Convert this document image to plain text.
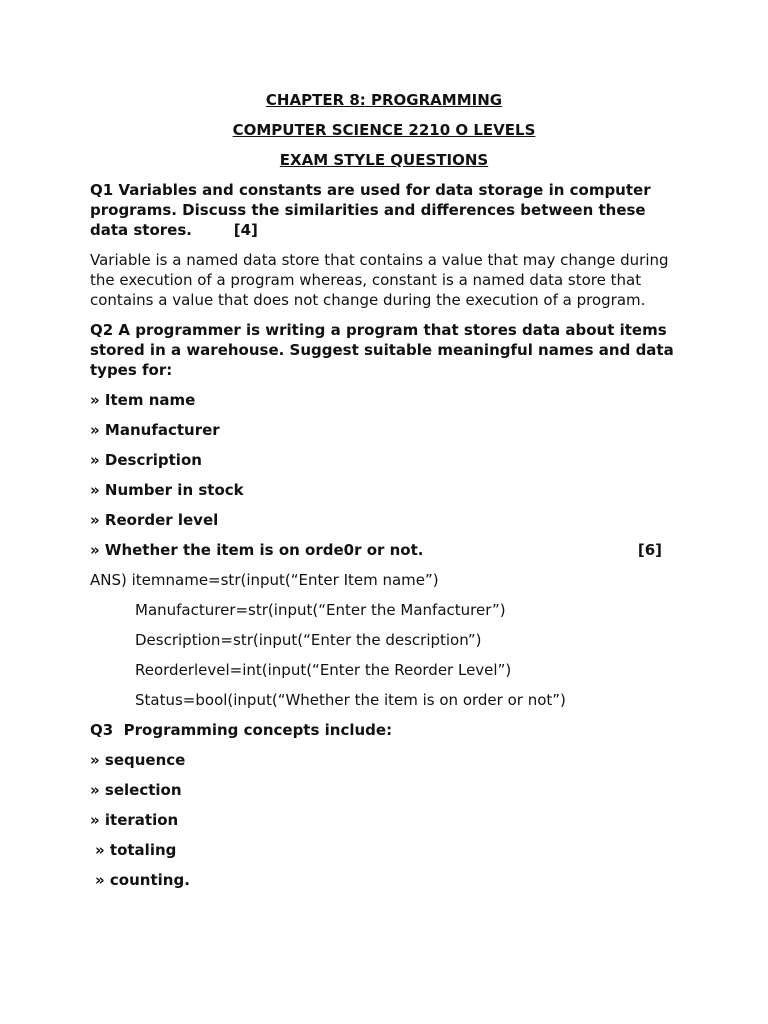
CHAPTER 8: PROGRAMMING
COMPUTER SCIENCE 2210 O LEVELS
EXAM STYLE QUESTIONS
Q1 Variables and constants are used for data storage in computer programs. Discuss the similarities and differences between these data stores.        [4]
Variable is a named data store that contains a value that may change during the execution of a program whereas, constant is a named data store that contains a value that does not change during the execution of a program.
Q2 A programmer is writing a program that stores data about items stored in a warehouse. Suggest suitable meaningful names and data types for:
» Item name
» Manufacturer
» Description
» Number in stock
» Reorder level
» Whether the item is on orde0r or not.	[6]
ANS) itemname=str(input(“Enter Item name”)
Manufacturer=str(input(“Enter the Manfacturer”)
Description=str(input(“Enter the description”)
Reorderlevel=int(input(“Enter the Reorder Level”)
Status=bool(input(“Whether the item is on order or not”)
Q3  Programming concepts include:
» sequence
» selection
» iteration
» totaling
» counting.
